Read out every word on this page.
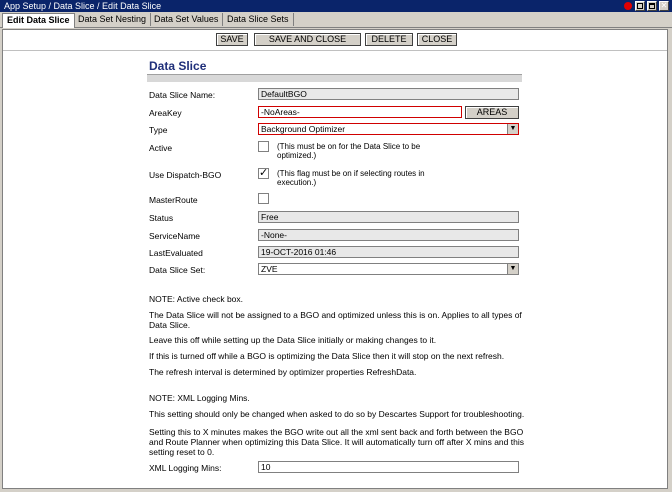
App Setup / Data Slice / Edit Data Slice	✕
Edit Data Slice Data Set Nesting Data Set Values Data Slice Sets
SAVE	SAVE AND CLOSE	DELETE	CLOSE
Data Slice
Data Slice Name:	DefaultBGO
AreaKey	-NoAreas-	AREAS
Type	Background Optimizer	▼
Active	(This must be on for the Data Slice to be optimized.)
Use Dispatch-BGO	✓ (This flag must be on if selecting routes in execution.)
MasterRoute
Status	Free
ServiceName	-None-
LastEvaluated	19-OCT-2016 01:46
Data Slice Set:	ZVE	▼
NOTE: Active check box.
The Data Slice will not be assigned to a BGO and optimized unless this is on. Applies to all types of Data Slice.
Leave this off while setting up the Data Slice initially or making changes to it.
If this is turned off while a BGO is optimizing the Data Slice then it will stop on the next refresh.
The refresh interval is determined by optimizer properties RefreshData.
NOTE: XML Logging Mins.
This setting should only be changed when asked to do so by Descartes Support for troubleshooting.
Setting this to X minutes makes the BGO write out all the xml sent back and forth between the BGO and Route Planner when optimizing this Data Slice. It will automatically turn off after X mins and this setting reset to 0.
XML Logging Mins:	10
